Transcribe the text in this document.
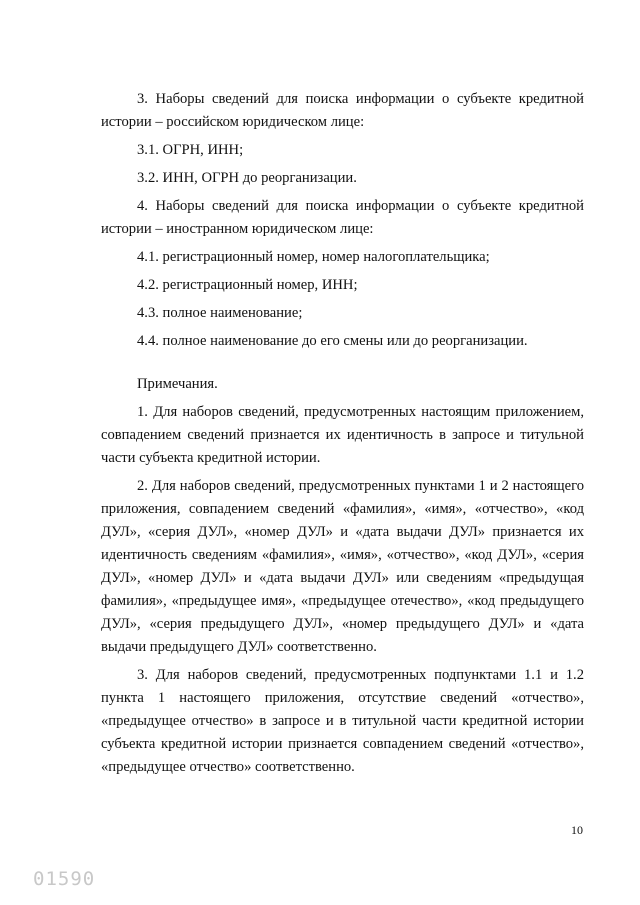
3. Наборы сведений для поиска информации о субъекте кредитной истории – российском юридическом лице:

3.1. ОГРН, ИНН;

3.2. ИНН, ОГРН до реорганизации.

4. Наборы сведений для поиска информации о субъекте кредитной истории – иностранном юридическом лице:

4.1. регистрационный номер, номер налогоплательщика;

4.2. регистрационный номер, ИНН;

4.3. полное наименование;

4.4. полное наименование до его смены или до реорганизации.

Примечания.

1. Для наборов сведений, предусмотренных настоящим приложением, совпадением сведений признается их идентичность в запросе и титульной части субъекта кредитной истории.

2. Для наборов сведений, предусмотренных пунктами 1 и 2 настоящего приложения, совпадением сведений «фамилия», «имя», «отчество», «код ДУЛ», «серия ДУЛ», «номер ДУЛ» и «дата выдачи ДУЛ» признается их идентичность сведениям «фамилия», «имя», «отчество», «код ДУЛ», «серия ДУЛ», «номер ДУЛ» и «дата выдачи ДУЛ» или сведениям «предыдущая фамилия», «предыдущее имя», «предыдущее отечество», «код предыдущего ДУЛ», «серия предыдущего ДУЛ», «номер предыдущего ДУЛ» и «дата выдачи предыдущего ДУЛ» соответственно.

3. Для наборов сведений, предусмотренных подпунктами 1.1 и 1.2 пункта 1 настоящего приложения, отсутствие сведений «отчество», «предыдущее отчество» в запросе и в титульной части кредитной истории субъекта кредитной истории признается совпадением сведений «отчество», «предыдущее отчество» соответственно.

10
01590
